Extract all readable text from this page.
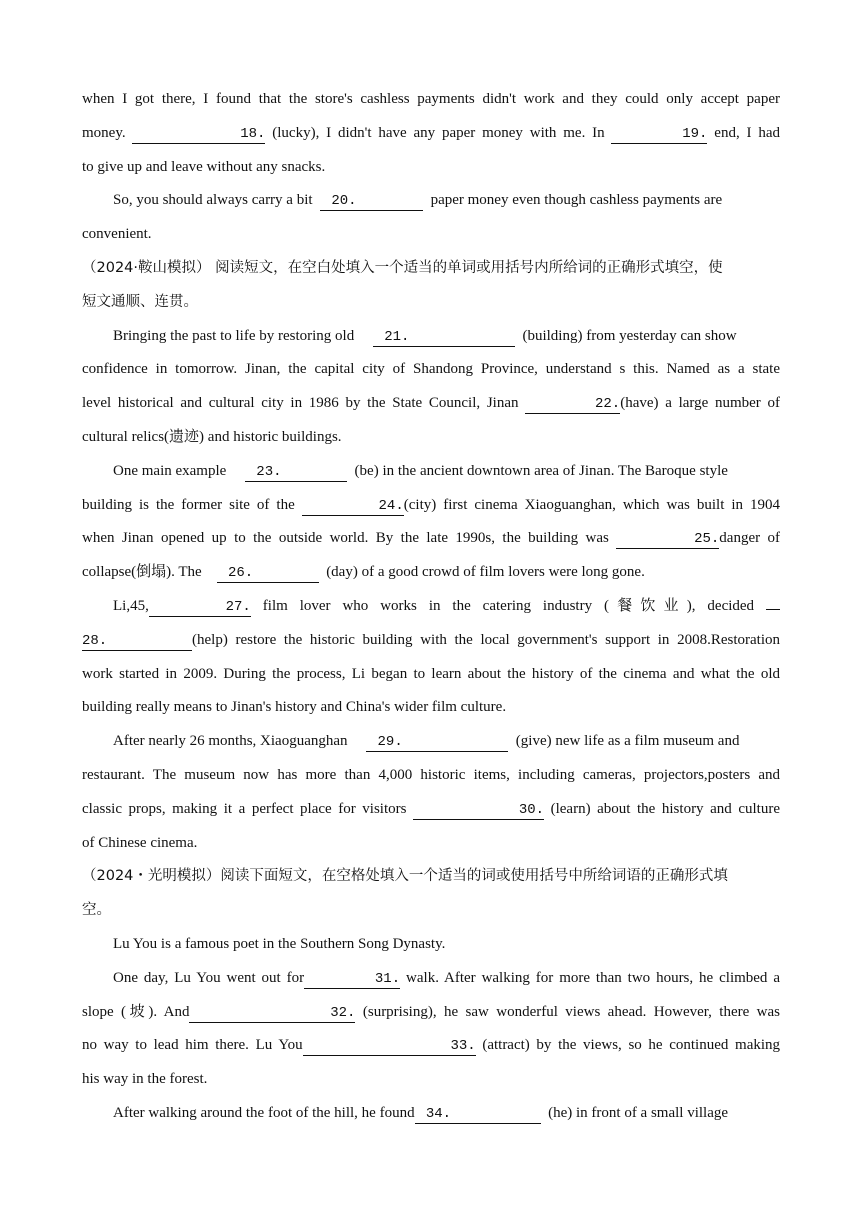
when I got there, I found that the store's cashless payments didn't work and they could only accept paper
money.	18. (lucky), I didn't have any paper money with me. In	19. end, I had
to give up and leave without any snacks.
So, you should always carry a bit 20.	paper money even though cashless payments are
convenient.
（2024·鞍山模拟） 阅读短文，在空白处填入一个适当的单词或用括号内所给词的正确形式填空，使
短文通顺、连贯。
Bringing the past to life by restoring old 21.	(building) from yesterday can show
confidence in tomorrow. Jinan, the capital city of Shandong Province, understand s this. Named as a state
level historical and cultural city in 1986 by the State Council, Jinan	22.(have) a large number of
cultural relics(遗迹) and historic buildings.
One main example 23.	(be) in the ancient downtown area of Jinan. The Baroque style
building is the former site of the	24.(city) first cinema Xiaoguanghan, which was built in 1904
when Jinan opened up to the outside world. By the late 1990s, the building was	25.danger of
collapse(倒塌). The 26.	(day) of a good crowd of film lovers were long gone.
Li,45,	27. film lover who works in the catering industry (餐饮业), decided
28.	(help) restore the historic building with the local government's support in 2008.Restoration
work started in 2009. During the process, Li began to learn about the history of the cinema and what the old
building really means to Jinan's history and China's wider film culture.
After nearly 26 months, Xiaoguanghan 29.	(give) new life as a film museum and
restaurant. The museum now has more than 4,000 historic items, including cameras, projectors,posters and
classic props, making it a perfect place for visitors	30. (learn) about the history and culture
of Chinese cinema.
（2024・光明模拟）阅读下面短文，在空格处填入一个适当的词或使用括号中所给词语的正确形式填
空。
Lu You is a famous poet in the Southern Song Dynasty.
One day, Lu You went out for	31. walk. After walking for more than two hours, he climbed a
slope (坡). And	32. (surprising), he saw wonderful views ahead. However, there was
no way to lead him there. Lu You	33. (attract) by the views, so he continued making
his way in the forest.
After walking around the foot of the hill, he found 34.	(he) in front of a small village
